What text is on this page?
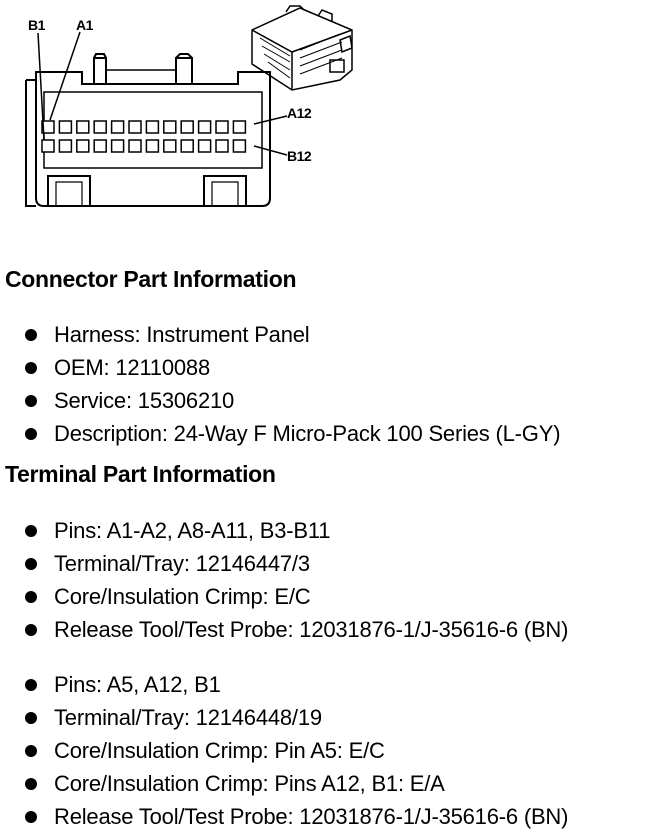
B1 A1
A12
B12
Connector Part Information
Harness: Instrument Panel
OEM: 12110088
Service: 15306210
Description: 24-Way F Micro-Pack 100 Series (L-GY)
Terminal Part Information
Pins: A1-A2, A8-A11, B3-B11
Terminal/Tray: 12146447/3
Core/Insulation Crimp: E/C
Release Tool/Test Probe: 12031876-1/J-35616-6 (BN)
Pins: A5, A12, B1
Terminal/Tray: 12146448/19
Core/Insulation Crimp: Pin A5: E/C
Core/Insulation Crimp: Pins A12, B1: E/A
Release Tool/Test Probe: 12031876-1/J-35616-6 (BN)
